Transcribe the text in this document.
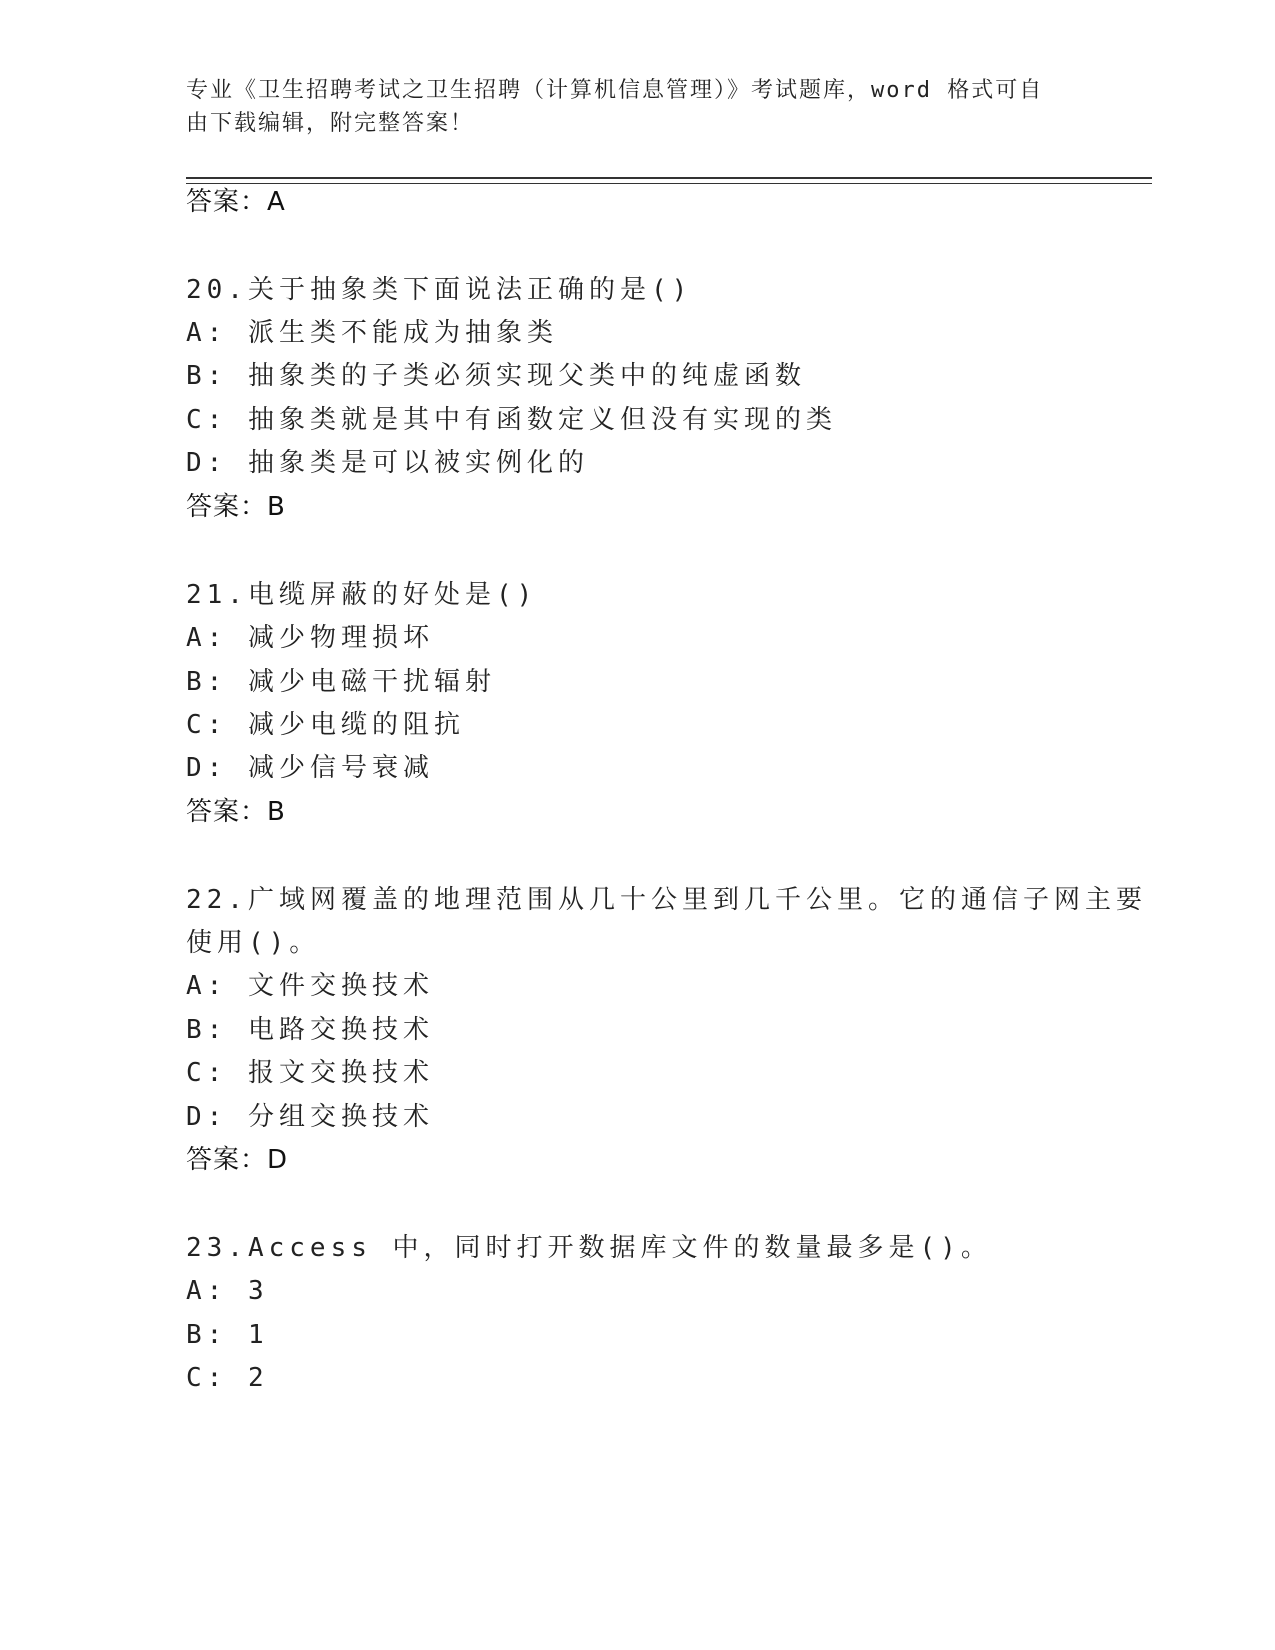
专业《卫生招聘考试之卫生招聘（计算机信息管理）》考试题库，word 格式可自
由下载编辑，附完整答案！
答案：A
20.关于抽象类下面说法正确的是()
A: 派生类不能成为抽象类
B: 抽象类的子类必须实现父类中的纯虚函数
C: 抽象类就是其中有函数定义但没有实现的类
D: 抽象类是可以被实例化的
答案：B
21.电缆屏蔽的好处是()
A: 减少物理损坏
B: 减少电磁干扰辐射
C: 减少电缆的阻抗
D: 减少信号衰减
答案：B
22.广域网覆盖的地理范围从几十公里到几千公里。它的通信子网主要
使用()。
A: 文件交换技术
B: 电路交换技术
C: 报文交换技术
D: 分组交换技术
答案：D
23.Access 中，同时打开数据库文件的数量最多是()。
A: 3
B: 1
C: 2
